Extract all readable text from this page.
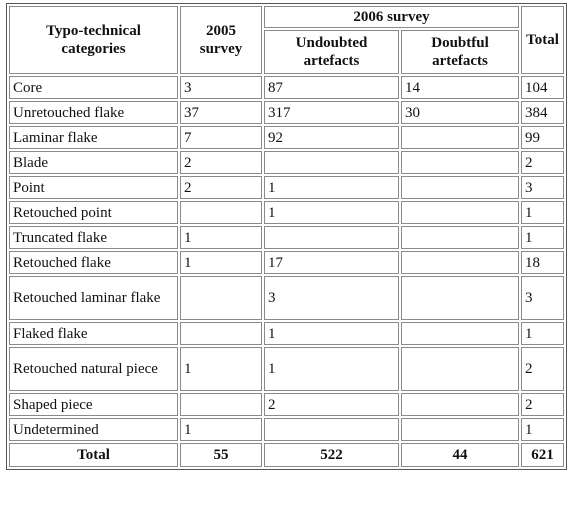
Typo-technical categories	2005 survey	2006 survey		Total
		Undoubted artefacts	Doubtful artefacts	
Core	3	87	14	104
Unretouched flake	37	317	30	384
Laminar flake	7	92		99
Blade	2			2
Point	2	1		3
Retouched point		1		1
Truncated flake	1			1
Retouched flake	1	17		18
Retouched laminar flake		3		3
Flaked flake		1		1
Retouched natural piece	1	1		2
Shaped piece		2		2
Undetermined	1			1
Total	55	522	44	621
